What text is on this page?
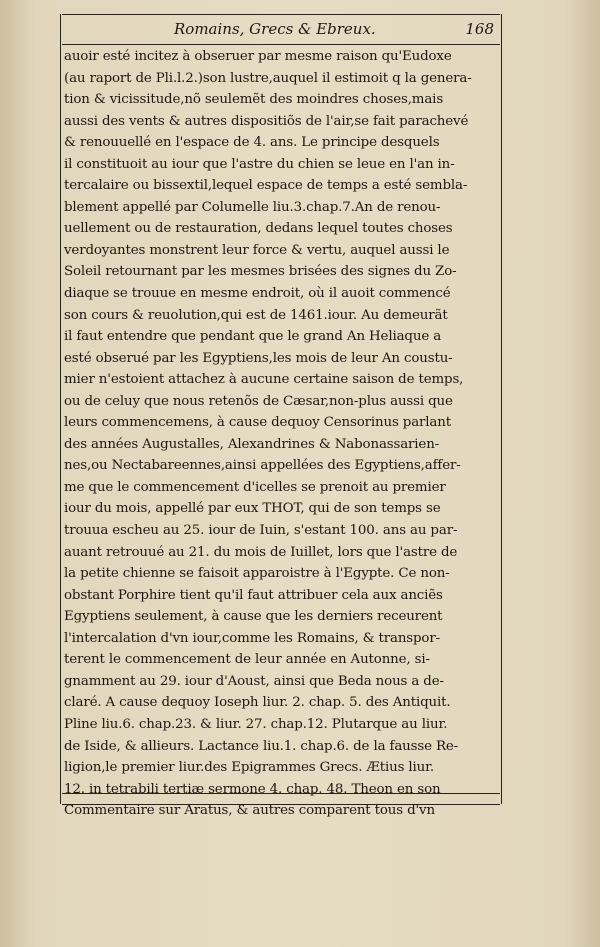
Romains, Grecs & Ebreux.	168
auoir esté incitez à obseruer par mesme raison qu'Eudoxe
(au raport de Pli.l.2.)son lustre,auquel il estimoit q la genera-
tion & vicissitude,nõ seulemẽt des moindres choses,mais
aussi des vents & autres dispositiõs de l'air,se fait parachevé
& renouuellé en l'espace de 4. ans. Le principe desquels
il constituoit au iour que l'astre du chien se leue en l'an in-
tercalaire ou bissextil,lequel espace de temps a esté sembla-
blement appellé par Columelle liu.3.chap.7.An de renou-
uellement ou de restauration, dedans lequel toutes choses
verdoyantes monstrent leur force & vertu, auquel aussi le
Soleil retournant par les mesmes brisées des signes du Zo-
diaque se trouue en mesme endroit, où il auoit commencé
son cours & reuolution,qui est de 1461.iour. Au demeurãt
il faut entendre que pendant que le grand An Heliaque a
esté obserué par les Egyptiens,les mois de leur An coustu-
mier n'estoient attachez à aucune certaine saison de temps,
ou de celuy que nous retenõs de Cæsar,non-plus aussi que
leurs commencemens, à cause dequoy Censorinus parlant
des années Augustalles, Alexandrines & Nabonassarien-
nes,ou Nectabareennes,ainsi appellées des Egyptiens,affer-
me que le commencement d'icelles se prenoit au premier
iour du mois, appellé par eux THOT, qui de son temps se
trouua escheu au 25. iour de Iuin, s'estant 100. ans au par-
auant retrouué au 21. du mois de Iuillet, lors que l'astre de
la petite chienne se faisoit apparoistre à l'Egypte. Ce non-
obstant Porphire tient qu'il faut attribuer cela aux anciẽs
Egyptiens seulement, à cause que les derniers receurent
l'intercalation d'vn iour,comme les Romains, & transpor-
terent le commencement de leur année en Autonne, si-
gnamment au 29. iour d'Aoust, ainsi que Beda nous a de-
claré. A cause dequoy Ioseph liur. 2. chap. 5. des Antiquit.
Pline liu.6. chap.23. & liur. 27. chap.12. Plutarque au liur.
de Iside, & allieurs. Lactance liu.1. chap.6. de la fausse Re-
ligion,le premier liur.des Epigrammes Grecs. Ætius liur.
12. in tetrabili tertiæ sermone 4. chap. 48. Theon en son
Commentaire sur Aratus, & autres comparent tous d'vn
